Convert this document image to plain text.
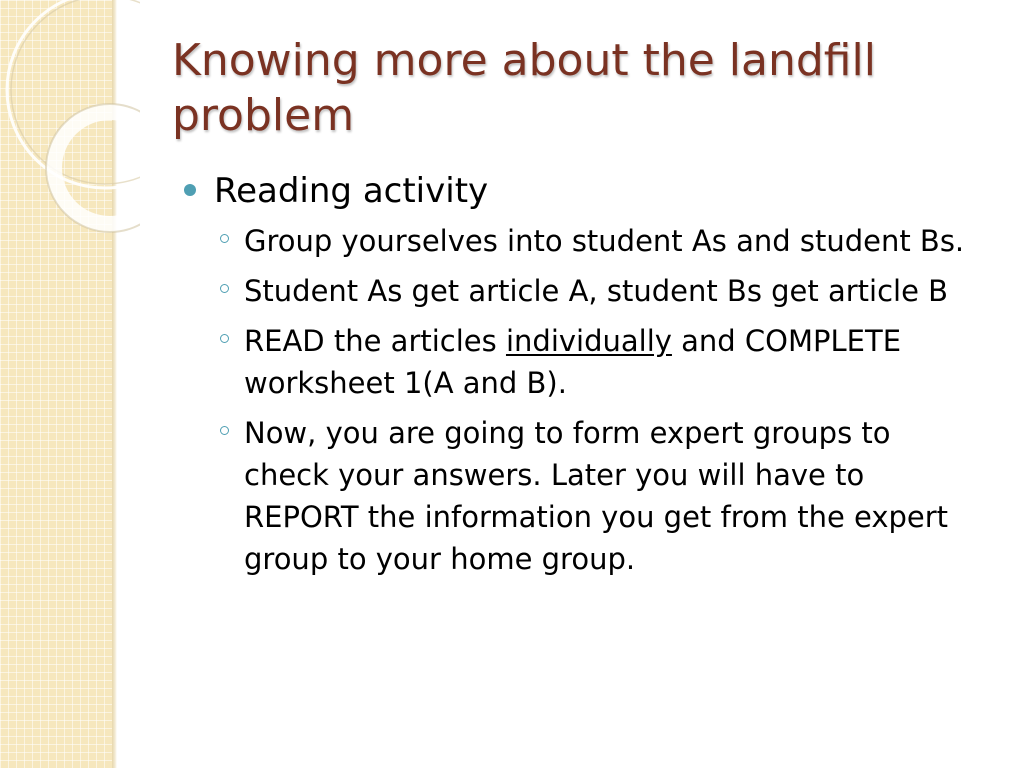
Knowing more about the landfill problem
Reading activity
Group yourselves into student As and student Bs.
Student As get article A, student Bs get article B
READ the articles individually and COMPLETE worksheet 1(A and B).
Now, you are going to form expert groups to check your answers. Later you will have to REPORT the information you get from the expert group to your home group.
